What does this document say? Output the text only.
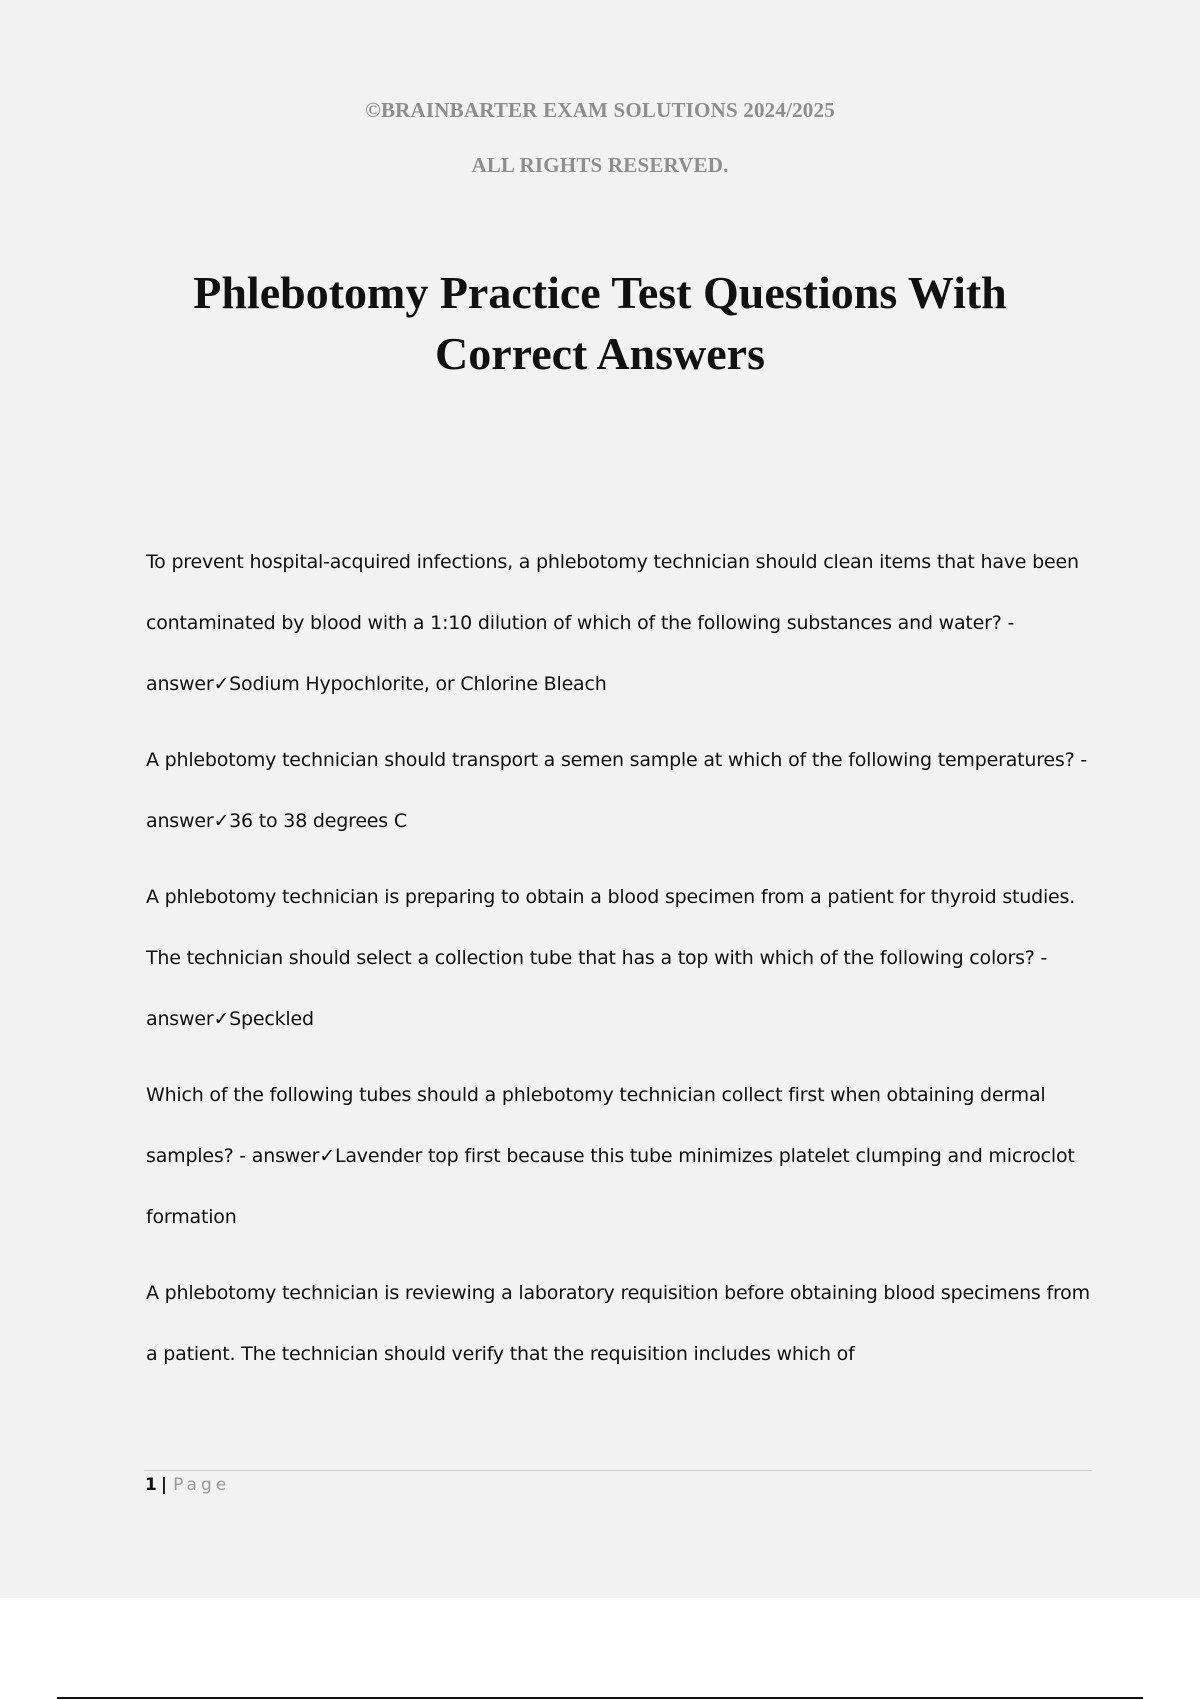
©BRAINBARTER EXAM SOLUTIONS 2024/2025
ALL RIGHTS RESERVED.
Phlebotomy Practice Test Questions With
Correct Answers

To prevent hospital-acquired infections, a phlebotomy technician should clean items that have been contaminated by blood with a 1:10 dilution of which of the following substances and water? - answer✓Sodium Hypochlorite, or Chlorine Bleach

A phlebotomy technician should transport a semen sample at which of the following temperatures? - answer✓36 to 38 degrees C

A phlebotomy technician is preparing to obtain a blood specimen from a patient for thyroid studies. The technician should select a collection tube that has a top with which of the following colors? - answer✓Speckled

Which of the following tubes should a phlebotomy technician collect first when obtaining dermal samples? - answer✓Lavender top first because this tube minimizes platelet clumping and microclot formation

A phlebotomy technician is reviewing a laboratory requisition before obtaining blood specimens from a patient. The technician should verify that the requisition includes which of

1 | Page
